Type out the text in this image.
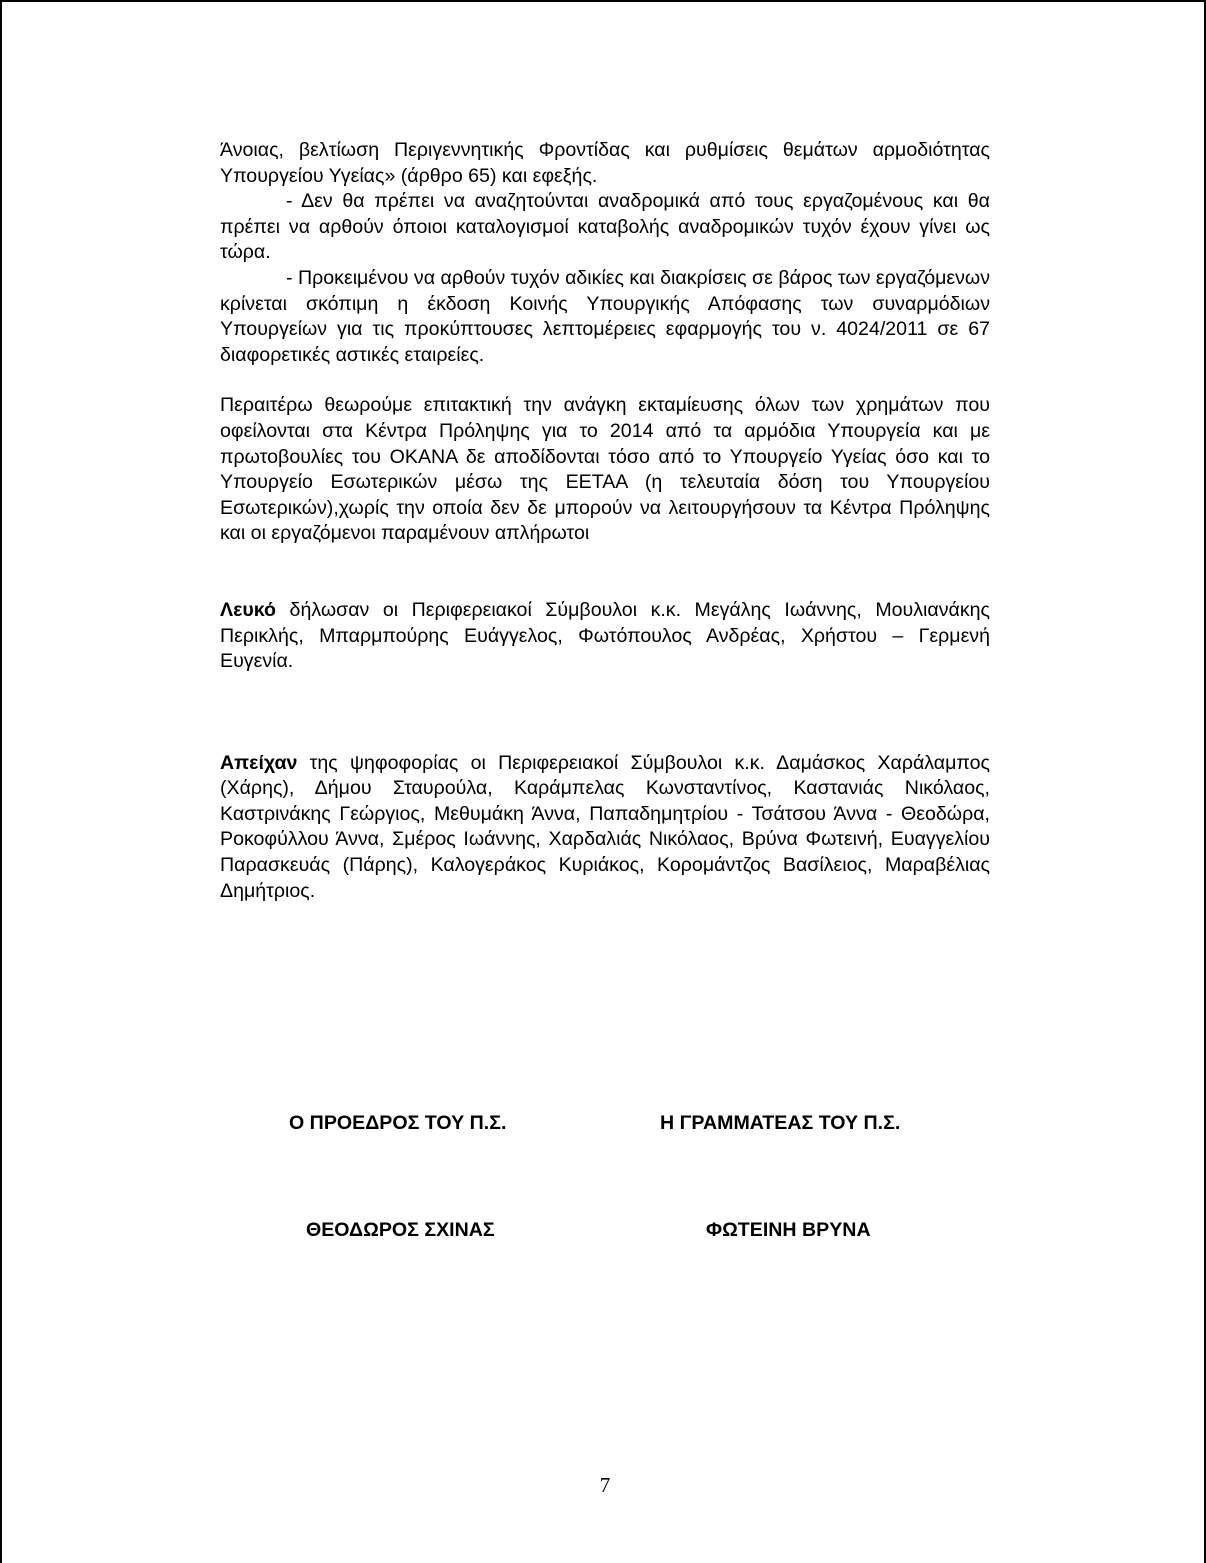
Άνοιας, βελτίωση Περιγεννητικής Φροντίδας και ρυθμίσεις θεμάτων αρμοδιότητας Υπουργείου Υγείας» (άρθρο 65) και εφεξής.

- Δεν θα πρέπει να αναζητούνται αναδρομικά από τους εργαζομένους και θα πρέπει να αρθούν όποιοι καταλογισμοί καταβολής αναδρομικών τυχόν έχουν γίνει ως τώρα.

- Προκειμένου να αρθούν τυχόν αδικίες και διακρίσεις σε βάρος των εργαζόμενων κρίνεται σκόπιμη η έκδοση Κοινής Υπουργικής Απόφασης των συναρμόδιων Υπουργείων για τις προκύπτουσες λεπτομέρειες εφαρμογής του ν. 4024/2011 σε 67 διαφορετικές αστικές εταιρείες.

Περαιτέρω θεωρούμε επιτακτική την ανάγκη εκταμίευσης όλων των χρημάτων που οφείλονται στα Κέντρα Πρόληψης για το 2014 από τα αρμόδια Υπουργεία και με πρωτοβουλίες του ΟΚΑΝΑ δε αποδίδονται τόσο από το Υπουργείο Υγείας όσο και το Υπουργείο Εσωτερικών μέσω της ΕΕΤΑΑ (η τελευταία δόση του Υπουργείου Εσωτερικών),χωρίς την οποία δεν δε μπορούν να λειτουργήσουν τα Κέντρα Πρόληψης και οι εργαζόμενοι παραμένουν απλήρωτοι

Λευκό δήλωσαν οι Περιφερειακοί Σύμβουλοι κ.κ. Μεγάλης Ιωάννης, Μουλιανάκης Περικλής, Μπαρμπούρης Ευάγγελος, Φωτόπουλος Ανδρέας, Χρήστου – Γερμενή Ευγενία.

Απείχαν της ψηφοφορίας οι Περιφερειακοί Σύμβουλοι κ.κ. Δαμάσκος Χαράλαμπος (Χάρης), Δήμου Σταυρούλα, Καράμπελας Κωνσταντίνος, Καστανιάς Νικόλαος, Καστρινάκης Γεώργιος, Μεθυμάκη Άννα, Παπαδημητρίου - Τσάτσου Άννα - Θεοδώρα, Ροκοφύλλου Άννα, Σμέρος Ιωάννης, Χαρδαλιάς Νικόλαος, Βρύνα Φωτεινή, Ευαγγελίου Παρασκευάς (Πάρης), Καλογεράκος Κυριάκος, Κορομάντζος Βασίλειος, Μαραβέλιας Δημήτριος.

Ο ΠΡΟΕΔΡΟΣ ΤΟΥ Π.Σ.	Η ΓΡΑΜΜΑΤΕΑΣ ΤΟΥ Π.Σ.
ΘΕΟΔΩΡΟΣ ΣΧΙΝΑΣ	ΦΩΤΕΙΝΗ ΒΡΥΝΑ
7
